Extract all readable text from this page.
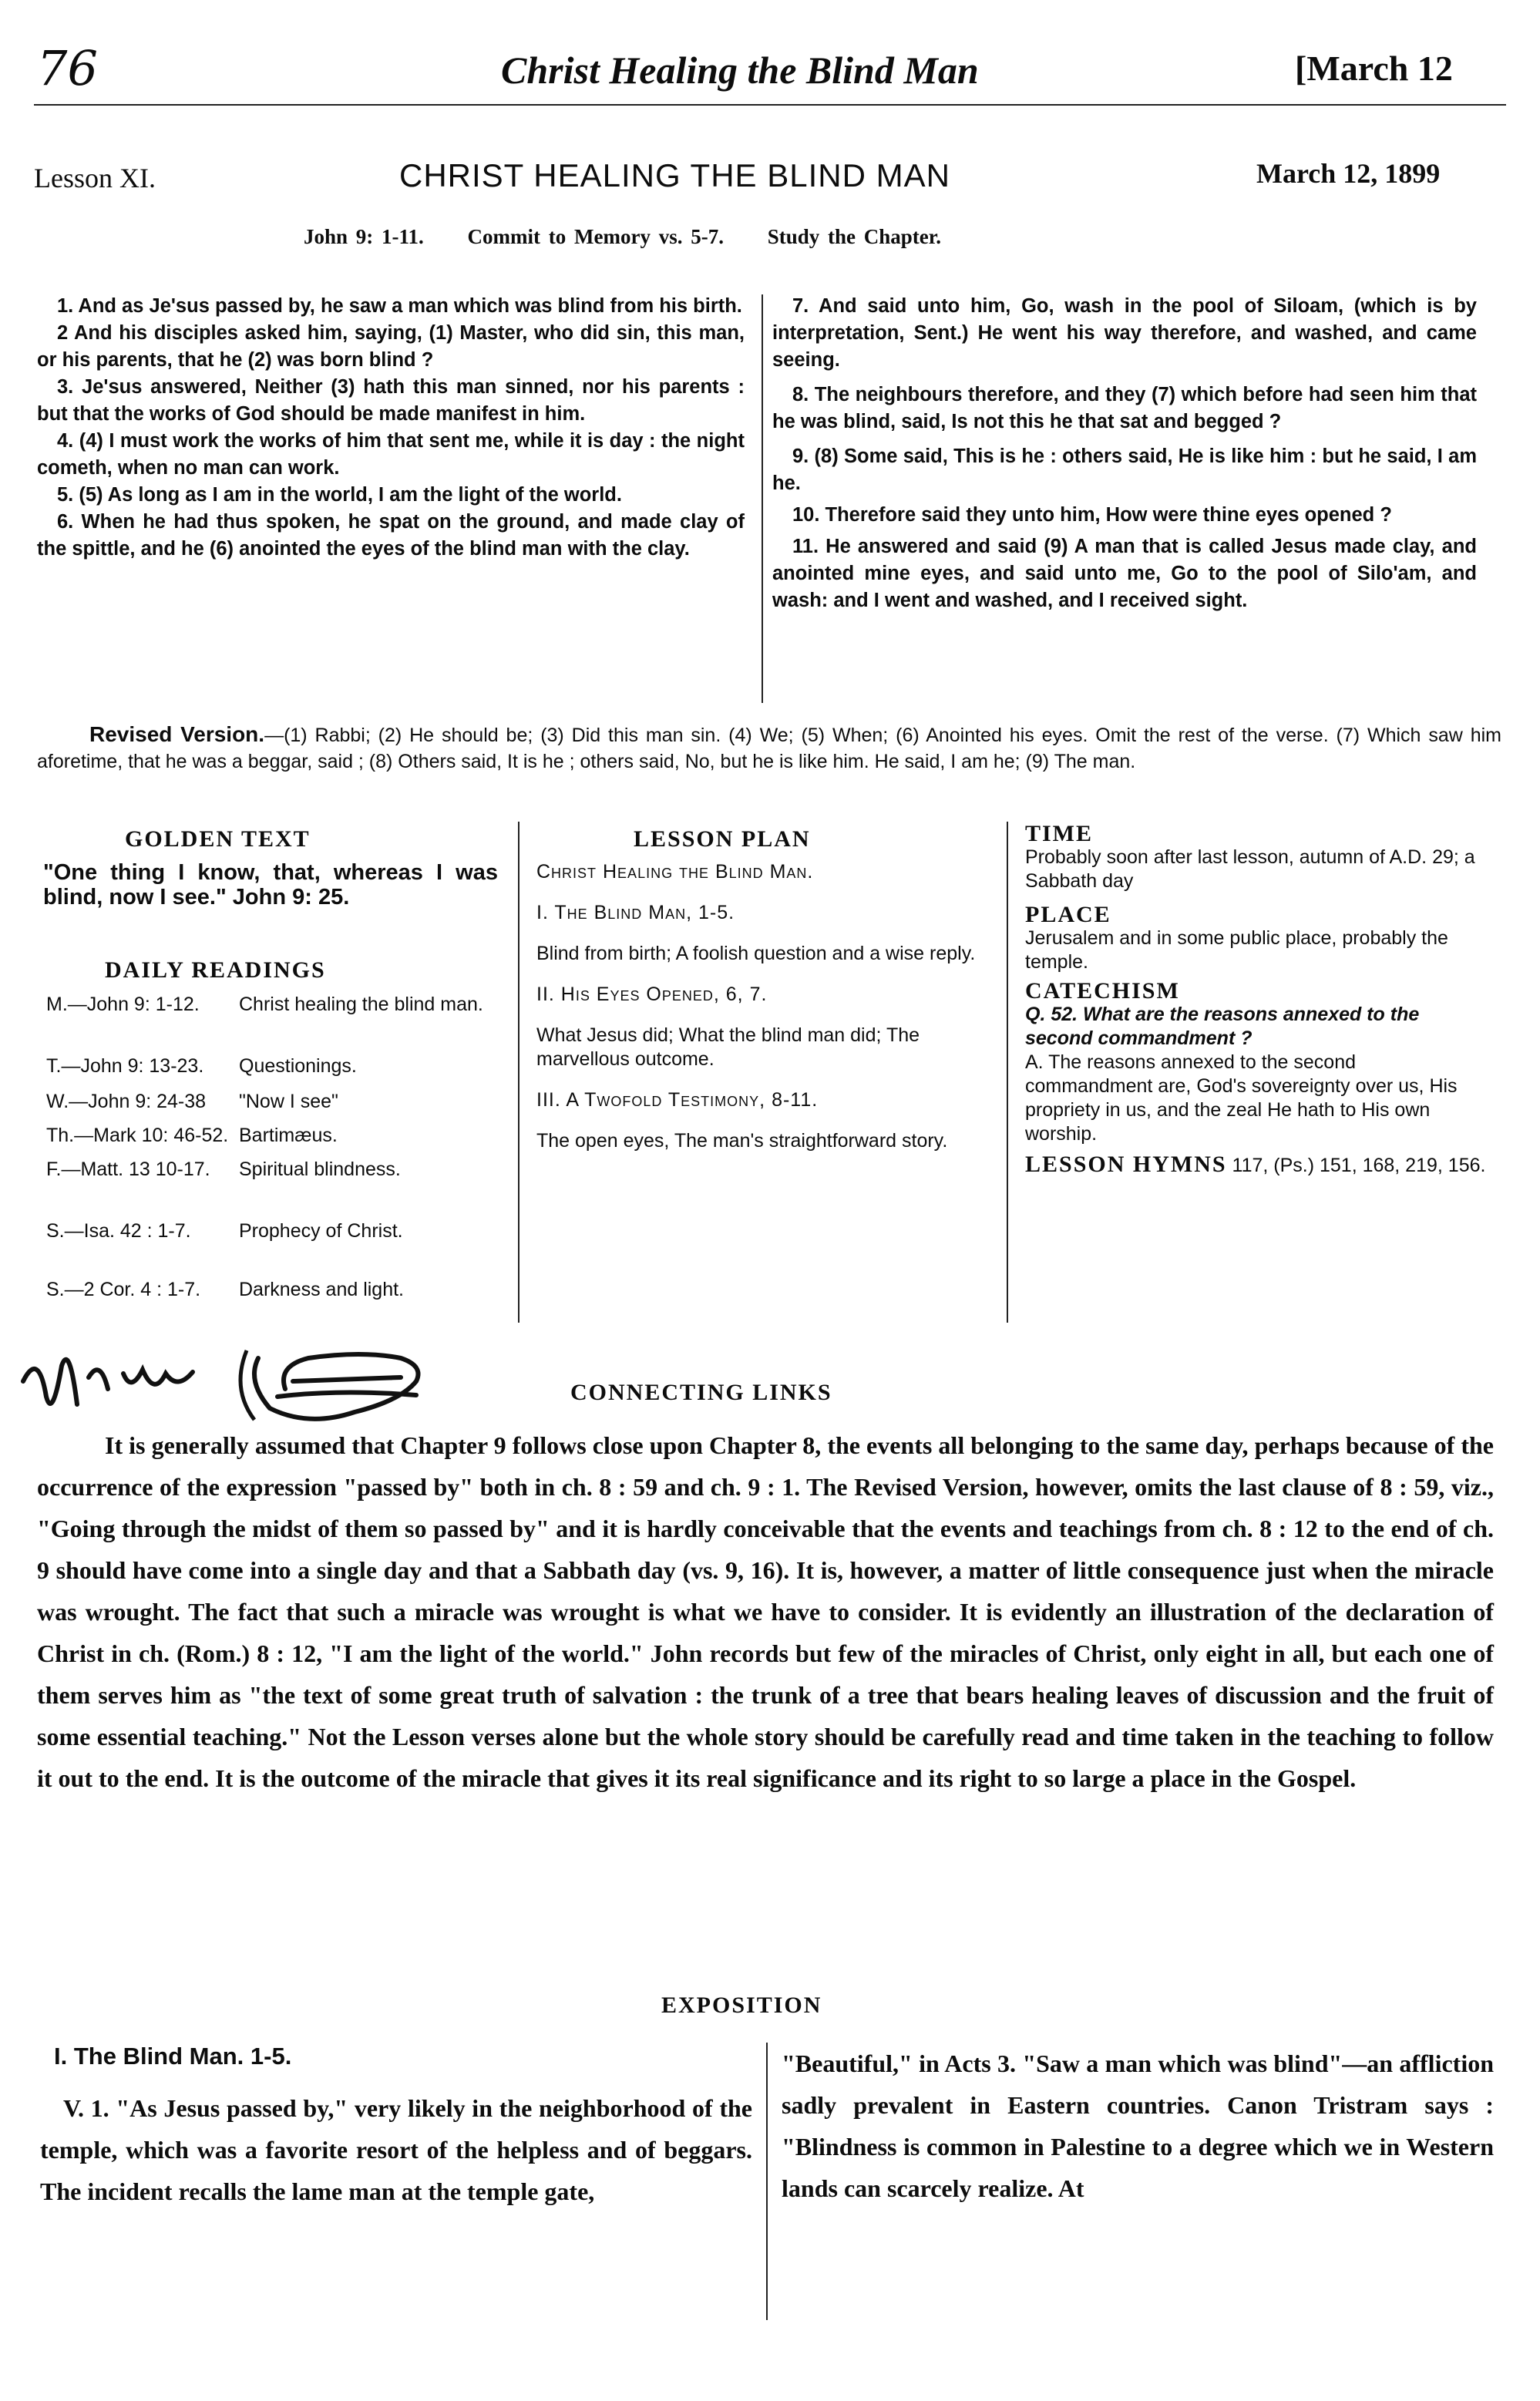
76	Christ Healing the Blind Man	[March 12
Lesson XI.	CHRIST HEALING THE BLIND MAN	March 12, 1899
John 9: 1-11. Commit to Memory vs. 5-7. Study the Chapter.

1. And as Je'sus passed by, he saw a man which was blind from his birth.

2 And his disciples asked him, saying, (1) Master, who did sin, this man, or his parents, that he (2) was born blind ?

3. Je'sus answered, Neither (3) hath this man sinned, nor his parents : but that the works of God should be made manifest in him.

4. (4) I must work the works of him that sent me, while it is day : the night cometh, when no man can work.

5. (5) As long as I am in the world, I am the light of the world.

6. When he had thus spoken, he spat on the ground, and made clay of the spittle, and he (6) anointed the eyes of the blind man with the clay.

7. And said unto him, Go, wash in the pool of Siloam, (which is by interpretation, Sent.) He went his way therefore, and washed, and came seeing.

8. The neighbours therefore, and they (7) which before had seen him that he was blind, said, Is not this he that sat and begged ?

9. (8) Some said, This is he : others said, He is like him : but he said, I am he.

10. Therefore said they unto him, How were thine eyes opened ?

11. He answered and said (9) A man that is called Jesus made clay, and anointed mine eyes, and said unto me, Go to the pool of Silo'am, and wash: and I went and washed, and I received sight.

Revised Version.—(1) Rabbi; (2) He should be; (3) Did this man sin. (4) We; (5) When; (6) Anointed his eyes. Omit the rest of the verse. (7) Which saw him aforetime, that he was a beggar, said ; (8) Others said, It is he ; others said, No, but he is like him. He said, I am he; (9) The man.
GOLDEN TEXT
"One thing I know, that, whereas I was blind, now I see." John 9: 25.
DAILY READINGS
M.—John 9: 1-12. Christ healing the blind man.
T.—John 9: 13-23. Questionings.
W.—John 9: 24-38 "Now I see"
Th.—Mark 10: 46-52. Bartimæus.
F.—Matt. 13 10-17. Spiritual blindness.
S.—Isa. 42 : 1-7. Prophecy of Christ.
S.—2 Cor. 4 : 1-7. Darkness and light.
LESSON PLAN
Christ Healing the Blind Man.
I. The Blind Man, 1-5.
Blind from birth; A foolish question and a wise reply.
II. His Eyes Opened, 6, 7.
What Jesus did; What the blind man did; The marvellous outcome.
III. A Twofold Testimony, 8-11.
The open eyes, The man's straightforward story.
TIME
Probably soon after last lesson, autumn of A.D. 29; a Sabbath day
PLACE
Jerusalem and in some public place, probably the temple.
CATECHISM
Q. 52. What are the reasons annexed to the second commandment ?
A. The reasons annexed to the second commandment are, God's sovereignty over us, His propriety in us, and the zeal He hath to His own worship.
LESSON HYMNS 117, (Ps.) 151, 168, 219, 156.
CONNECTING LINKS
It is generally assumed that Chapter 9 follows close upon Chapter 8, the events all belonging to the same day, perhaps because of the occurrence of the expression "passed by" both in ch. 8 : 59 and ch. 9 : 1. The Revised Version, however, omits the last clause of 8 : 59, viz., "Going through the midst of them so passed by" and it is hardly conceivable that the events and teachings from ch. 8 : 12 to the end of ch. 9 should have come into a single day and that a Sabbath day (vs. 9, 16). It is, however, a matter of little consequence just when the miracle was wrought. The fact that such a miracle was wrought is what we have to consider. It is evidently an illustration of the declaration of Christ in ch. (Rom.) 8 : 12, "I am the light of the world." John records but few of the miracles of Christ, only eight in all, but each one of them serves him as "the text of some great truth of salvation : the trunk of a tree that bears healing leaves of discussion and the fruit of some essential teaching." Not the Lesson verses alone but the whole story should be carefully read and time taken in the teaching to follow it out to the end. It is the outcome of the miracle that gives it its real significance and its right to so large a place in the Gospel.
EXPOSITION
I. The Blind Man. 1-5.
V. 1. "As Jesus passed by," very likely in the neighborhood of the temple, which was a favorite resort of the helpless and of beggars. The incident recalls the lame man at the temple gate,
"Beautiful," in Acts 3. "Saw a man which was blind"—an affliction sadly prevalent in Eastern countries. Canon Tristram says : "Blindness is common in Palestine to a degree which we in Western lands can scarcely realize. At
